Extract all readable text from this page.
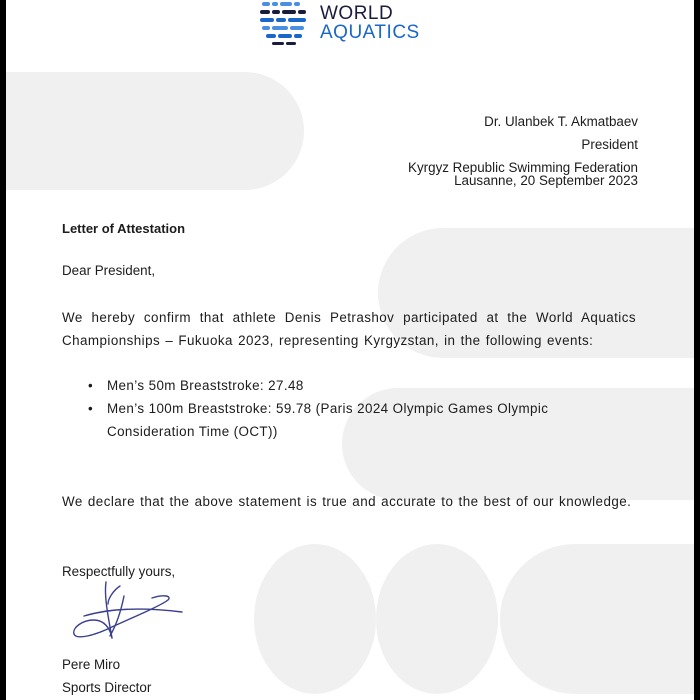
WORLD
AQUATICS
Dr. Ulanbek T. Akmatbaev
President
Kyrgyz Republic Swimming Federation
Lausanne, 20 September 2023
Letter of Attestation
Dear President,
We hereby confirm that athlete Denis Petrashov participated at the World Aquatics Championships – Fukuoka 2023, representing Kyrgyzstan, in the following events:
• Men’s 50m Breaststroke: 27.48
• Men’s 100m Breaststroke: 59.78 (Paris 2024 Olympic Games Olympic Consideration Time (OCT))
We declare that the above statement is true and accurate to the best of our knowledge.
Respectfully yours,
Pere Miro
Sports Director
